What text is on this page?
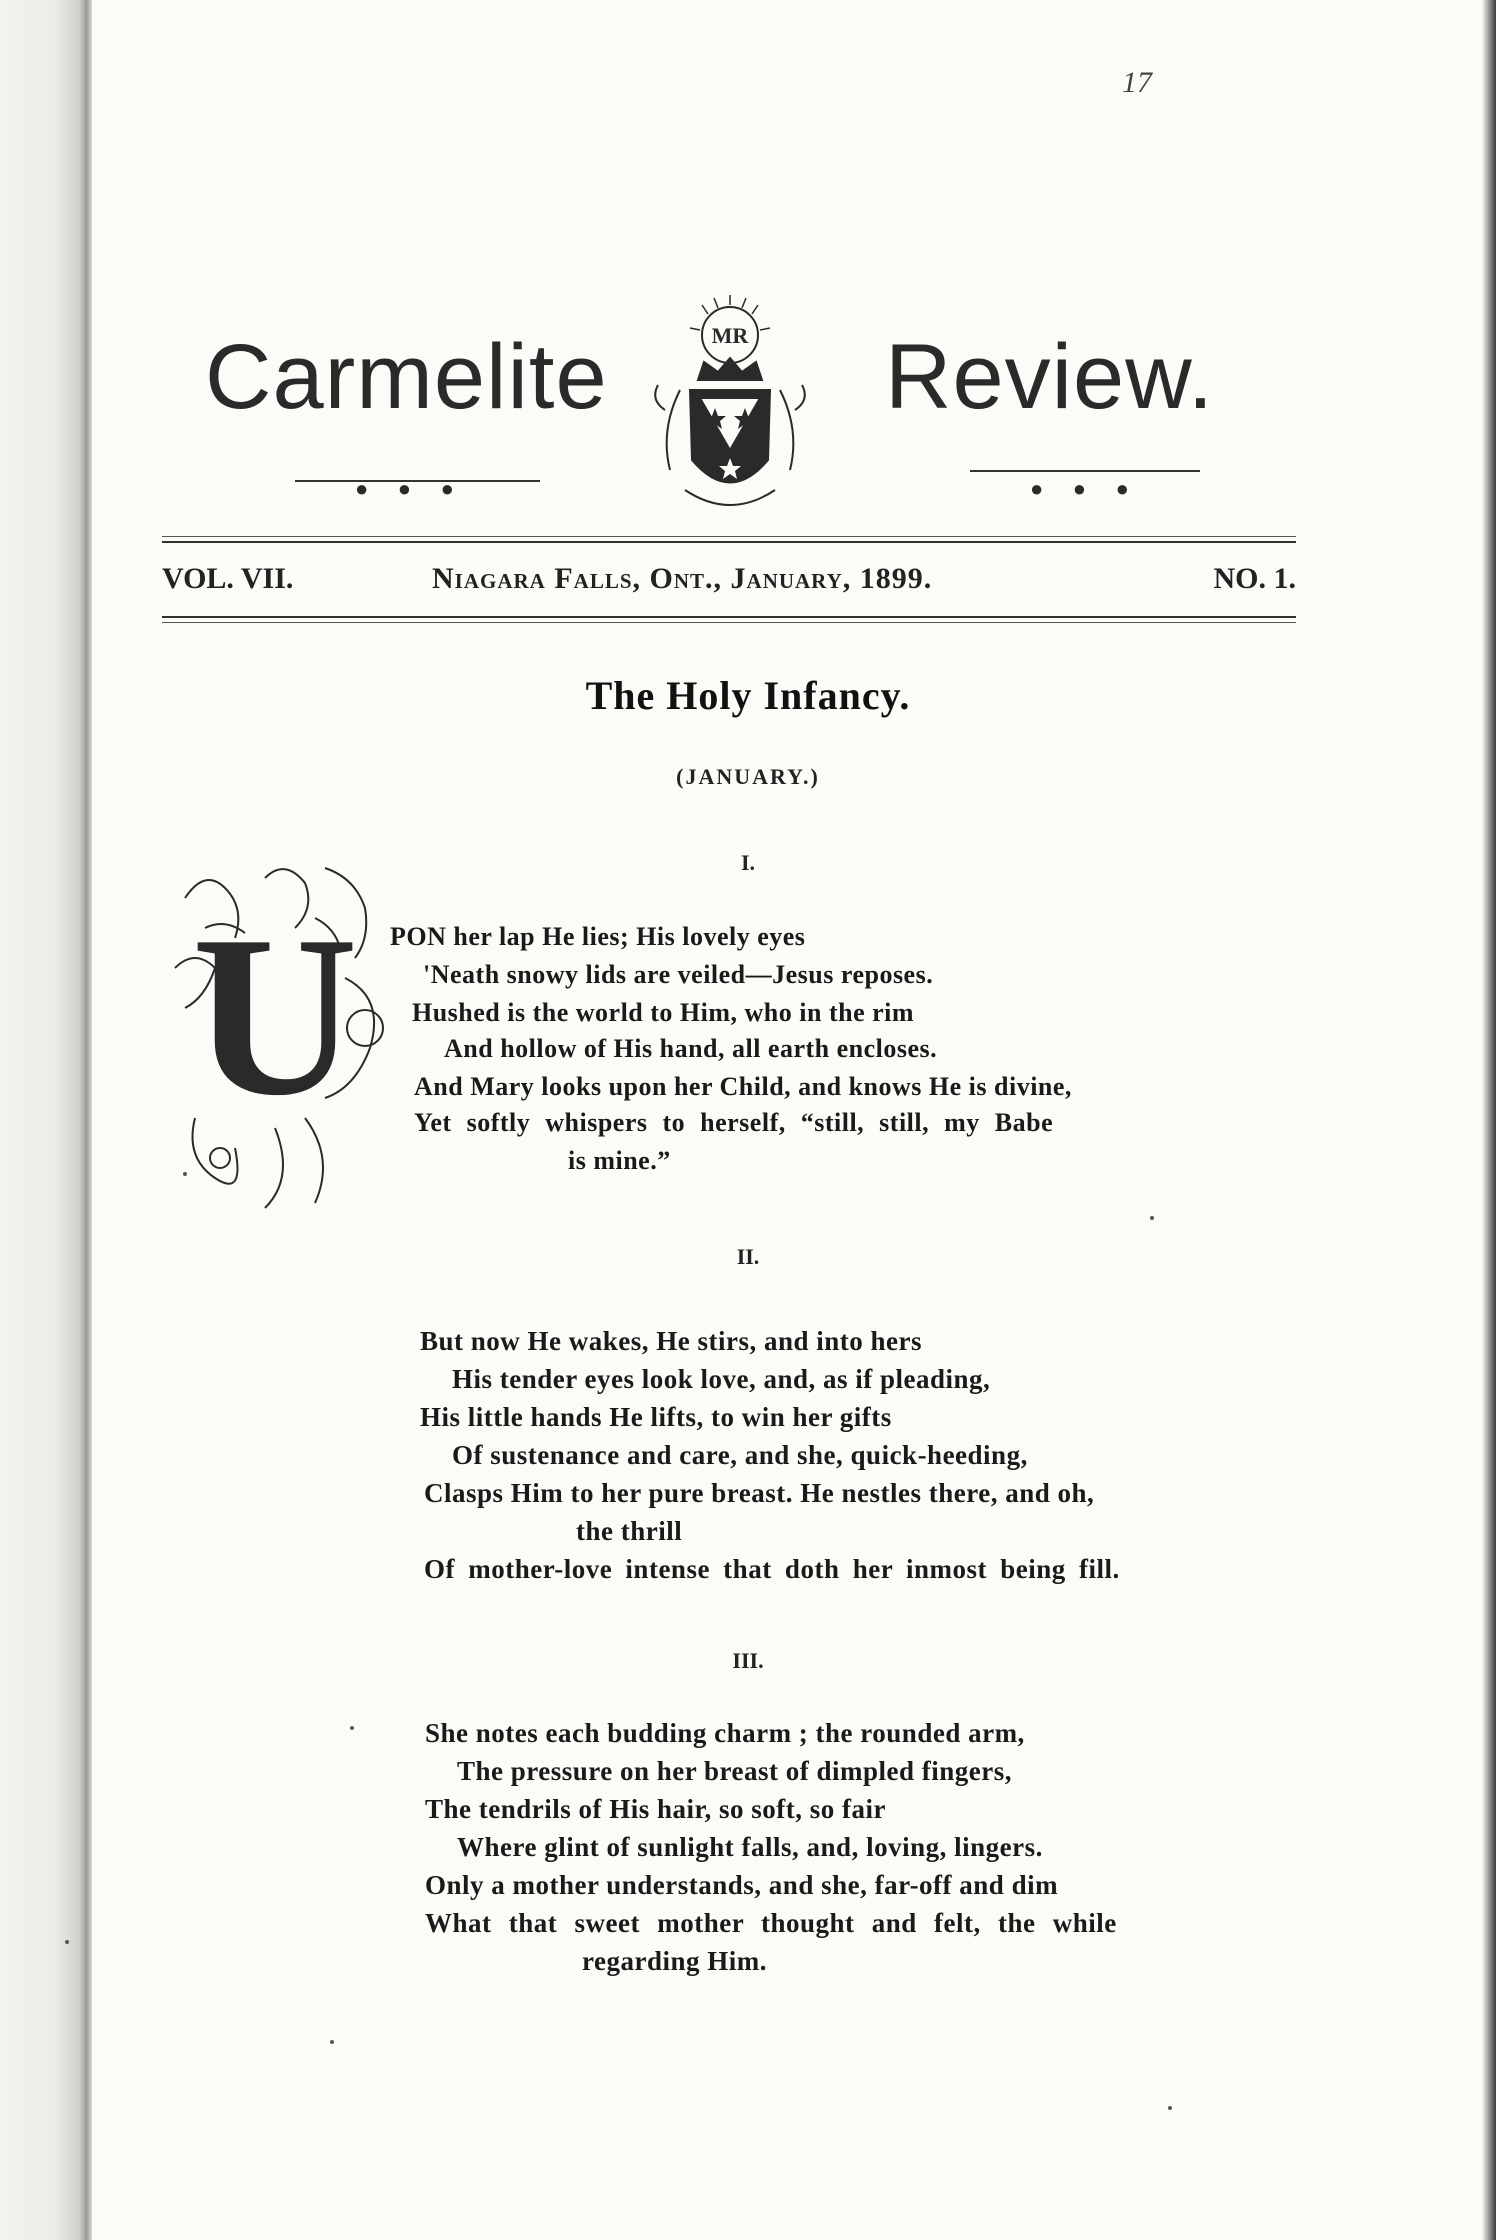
17
Carmelite
● ● ●
MR Review.
● ● ●
VOL. VII.	Niagara Falls, Ont., January, 1899.	NO. 1.
The Holy Infancy.
(JANUARY.)
I.
U PON her lap He lies; His lovely eyes
'Neath snowy lids are veiled—Jesus reposes.
Hushed is the world to Him, who in the rim
And hollow of His hand, all earth encloses.
And Mary looks upon her Child, and knows He is divine,
Yet softly whispers to herself, “still, still, my Babe
is mine.”
II.
But now He wakes, He stirs, and into hers
His tender eyes look love, and, as if pleading,
His little hands He lifts, to win her gifts
Of sustenance and care, and she, quick-heeding,
Clasps Him to her pure breast. He nestles there, and oh,
the thrill
Of mother-love intense that doth her inmost being fill.
III.
She notes each budding charm ; the rounded arm,
The pressure on her breast of dimpled fingers,
The tendrils of His hair, so soft, so fair
Where glint of sunlight falls, and, loving, lingers.
Only a mother understands, and she, far-off and dim
What that sweet mother thought and felt, the while
regarding Him.
